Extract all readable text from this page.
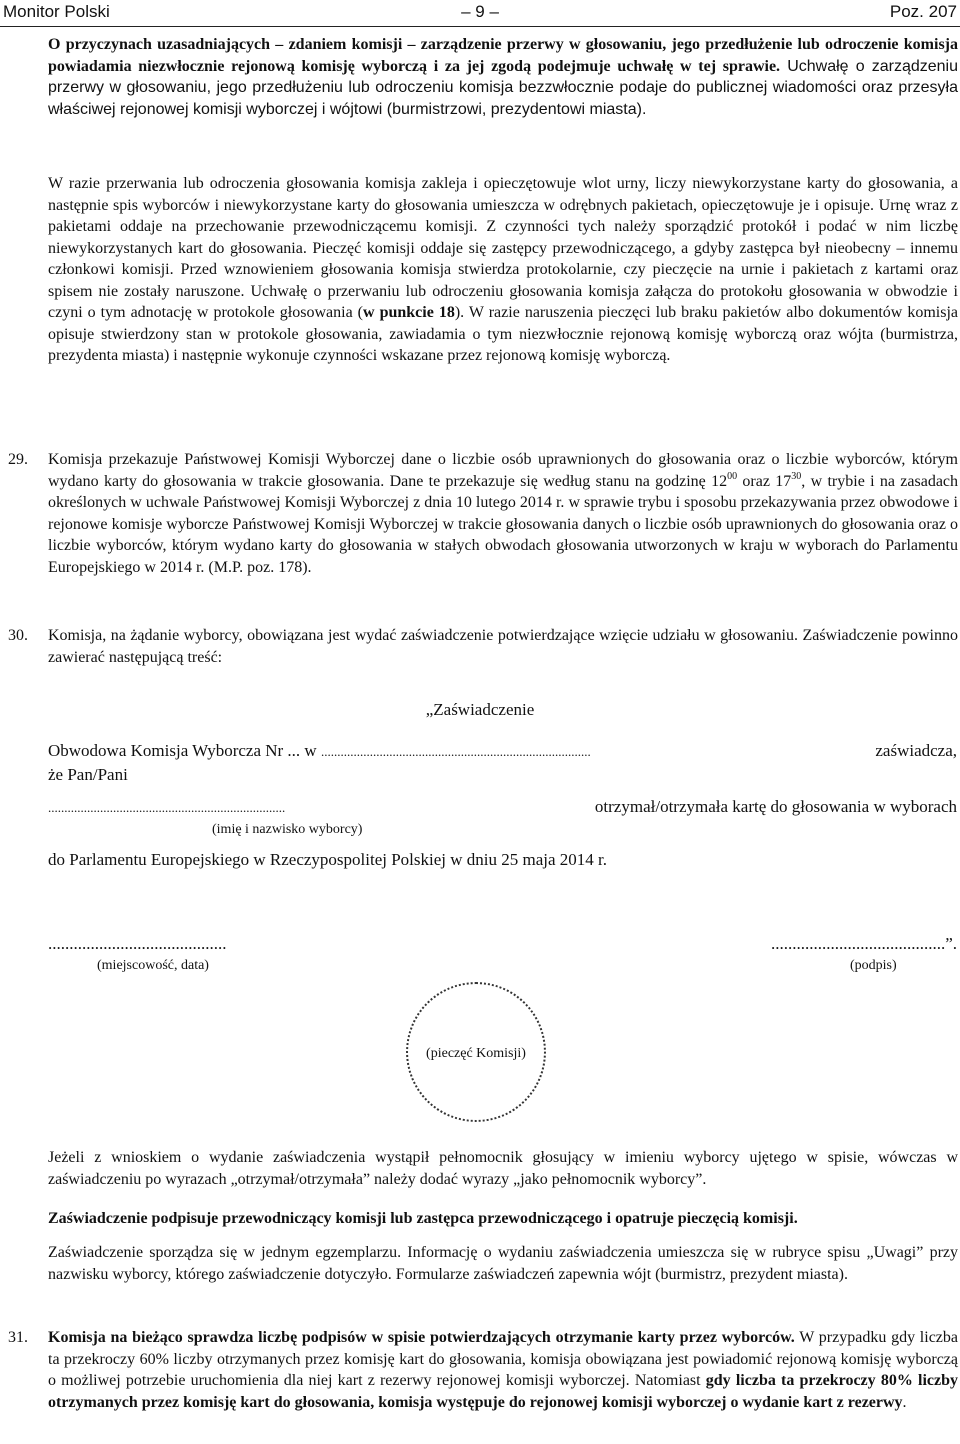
Monitor Polski	– 9 –	Poz. 207
O przyczynach uzasadniających – zdaniem komisji – zarządzenie przerwy w głosowaniu, jego przedłużenie lub odroczenie komisja powiadamia niezwłocznie rejonową komisję wyborczą i za jej zgodą podejmuje uchwałę w tej sprawie. Uchwałę o zarządzeniu przerwy w głosowaniu, jego przedłużeniu lub odroczeniu komisja bezzwłocznie podaje do publicznej wiadomości oraz przesyła właściwej rejonowej komisji wyborczej i wójtowi (burmistrzowi, prezydentowi miasta).
W razie przerwania lub odroczenia głosowania komisja zakleja i opieczętowuje wlot urny, liczy niewykorzystane karty do głosowania, a następnie spis wyborców i niewykorzystane karty do głosowania umieszcza w odrębnych pakietach, opieczętowuje je i opisuje. Urnę wraz z pakietami oddaje na przechowanie przewodniczącemu komisji. Z czynności tych należy sporządzić protokół i podać w nim liczbę niewykorzystanych kart do głosowania. Pieczęć komisji oddaje się zastępcy przewodniczącego, a gdyby zastępca był nieobecny – innemu członkowi komisji. Przed wznowieniem głosowania komisja stwierdza protokolarnie, czy pieczęcie na urnie i pakietach z kartami oraz spisem nie zostały naruszone. Uchwałę o przerwaniu lub odroczeniu głosowania komisja załącza do protokołu głosowania w obwodzie i czyni o tym adnotację w protokole głosowania (w punkcie 18). W razie naruszenia pieczęci lub braku pakietów albo dokumentów komisja opisuje stwierdzony stan w protokole głosowania, zawiadamia o tym niezwłocznie rejonową komisję wyborczą oraz wójta (burmistrza, prezydenta miasta) i następnie wykonuje czynności wskazane przez rejonową komisję wyborczą.
29.	Komisja przekazuje Państwowej Komisji Wyborczej dane o liczbie osób uprawnionych do głosowania oraz o liczbie wyborców, którym wydano karty do głosowania w trakcie głosowania. Dane te przekazuje się według stanu na godzinę $12^{00}$ oraz $17^{30}$, w trybie i na zasadach określonych w uchwale Państwowej Komisji Wyborczej z dnia 10 lutego 2014 r. w sprawie trybu i sposobu przekazywania przez obwodowe i rejonowe komisje wyborcze Państwowej Komisji Wyborczej w trakcie głosowania danych o liczbie osób uprawnionych do głosowania oraz o liczbie wyborców, którym wydano karty do głosowania w stałych obwodach głosowania utworzonych w kraju w wyborach do Parlamentu Europejskiego w 2014 r. (M.P. poz. 178).
30.	Komisja, na żądanie wyborcy, obowiązana jest wydać zaświadczenie potwierdzające wzięcie udziału w głosowaniu. Zaświadczenie powinno zawierać następującą treść:
„Zaświadczenie
Obwodowa Komisja Wyborcza Nr ... w ...................................................................................	zaświadcza,
że Pan/Pani
.........................................................................	otrzymał/otrzymała kartę do głosowania w wyborach
(imię i nazwisko wyborcy)
do Parlamentu Europejskiego w Rzeczypospolitej Polskiej w dniu 25 maja 2014 r.
..........................................
(miejscowość, data)
.........................................”.
(podpis)
(pieczęć Komisji)
Jeżeli z wnioskiem o wydanie zaświadczenia wystąpił pełnomocnik głosujący w imieniu wyborcy ujętego w spisie, wówczas w zaświadczeniu po wyrazach „otrzymał/otrzymała” należy dodać wyrazy „jako pełnomocnik wyborcy”.
Zaświadczenie podpisuje przewodniczący komisji lub zastępca przewodniczącego i opatruje pieczęcią komisji.
Zaświadczenie sporządza się w jednym egzemplarzu. Informację o wydaniu zaświadczenia umieszcza się w rubryce spisu „Uwagi” przy nazwisku wyborcy, którego zaświadczenie dotyczyło. Formularze zaświadczeń zapewnia wójt (burmistrz, prezydent miasta).
31.	Komisja na bieżąco sprawdza liczbę podpisów w spisie potwierdzających otrzymanie karty przez wyborców. W przypadku gdy liczba ta przekroczy 60% liczby otrzymanych przez komisję kart do głosowania, komisja obowiązana jest powiadomić rejonową komisję wyborczą o możliwej potrzebie uruchomienia dla niej kart z rezerwy rejonowej komisji wyborczej. Natomiast gdy liczba ta przekroczy 80% liczby otrzymanych przez komisję kart do głosowania, komisja występuje do rejonowej komisji wyborczej o wydanie kart z rezerwy.
